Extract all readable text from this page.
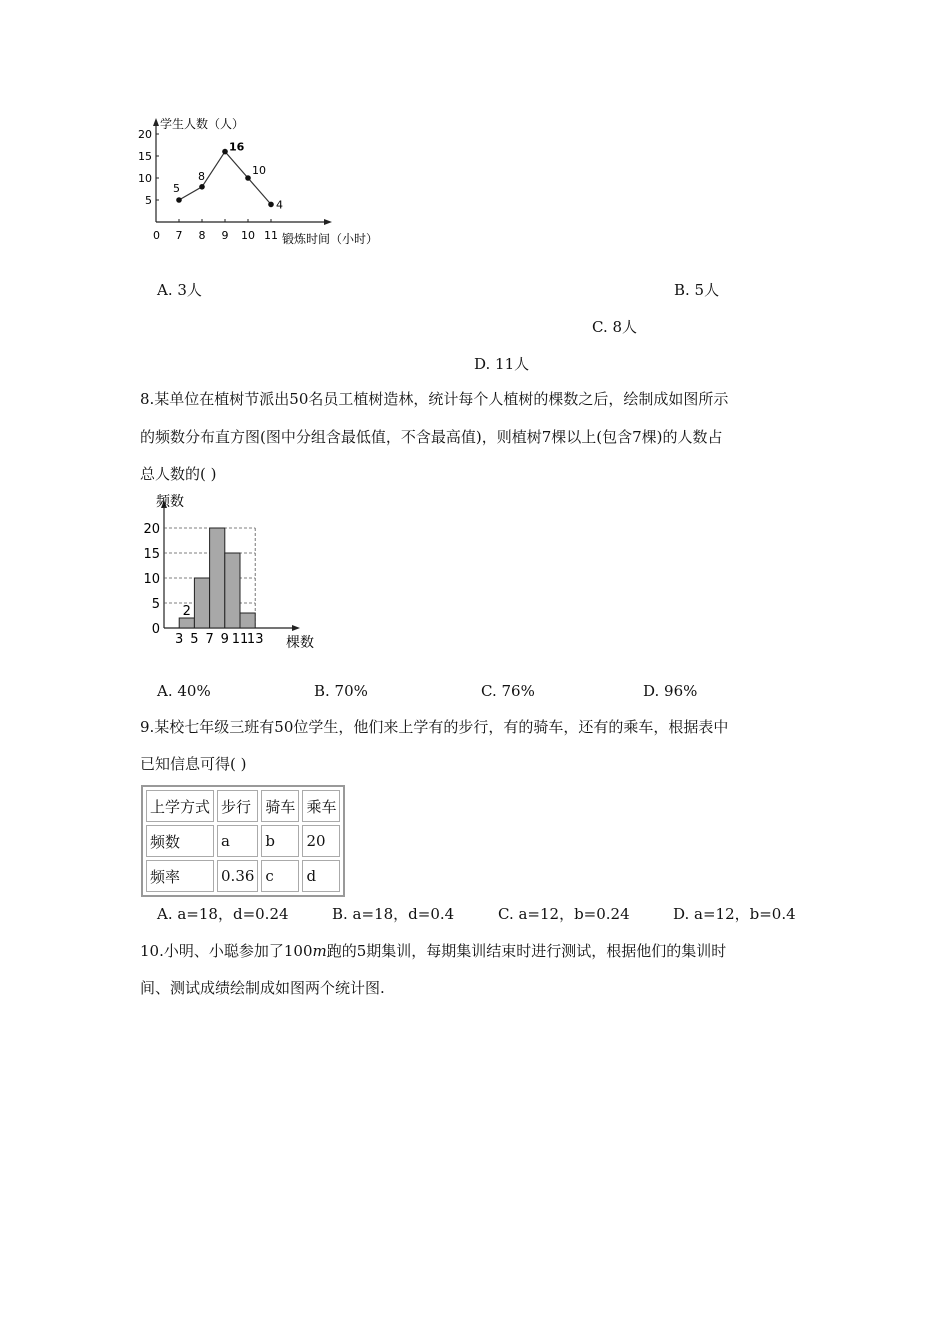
学生人数（人）
锻炼时间（小时）
0
5
10
15
20
7 8 9 10 11
5
8
16
10
4
A. 3人	B. 5人
C. 8人
D. 11人
8.某单位在植树节派出50名员工植树造林，统计每个人植树的棵数之后，绘制成如图所示
的频数分布直方图(图中分组含最低值，不含最高值)，则植树7棵以上(包含7棵)的人数占
总人数的( )
频数
棵数
0
5
10
15
20
2
3 5 7 9 11
13
A. 40%	B. 70%	C. 76%	D. 96%
9.某校七年级三班有50位学生，他们来上学有的步行，有的骑车，还有的乘车，根据表中
已知信息可得( )
上学方式	步行	骑车	乘车
频数	a	b	20
频率	0.36	c	d
A. a=18，d=0.24	B. a=18，d=0.4	C. a=12，b=0.24	D. a=12，b=0.4
10.小明、小聪参加了100m跑的5期集训，每期集训结束时进行测试，根据他们的集训时
间、测试成绩绘制成如图两个统计图.
